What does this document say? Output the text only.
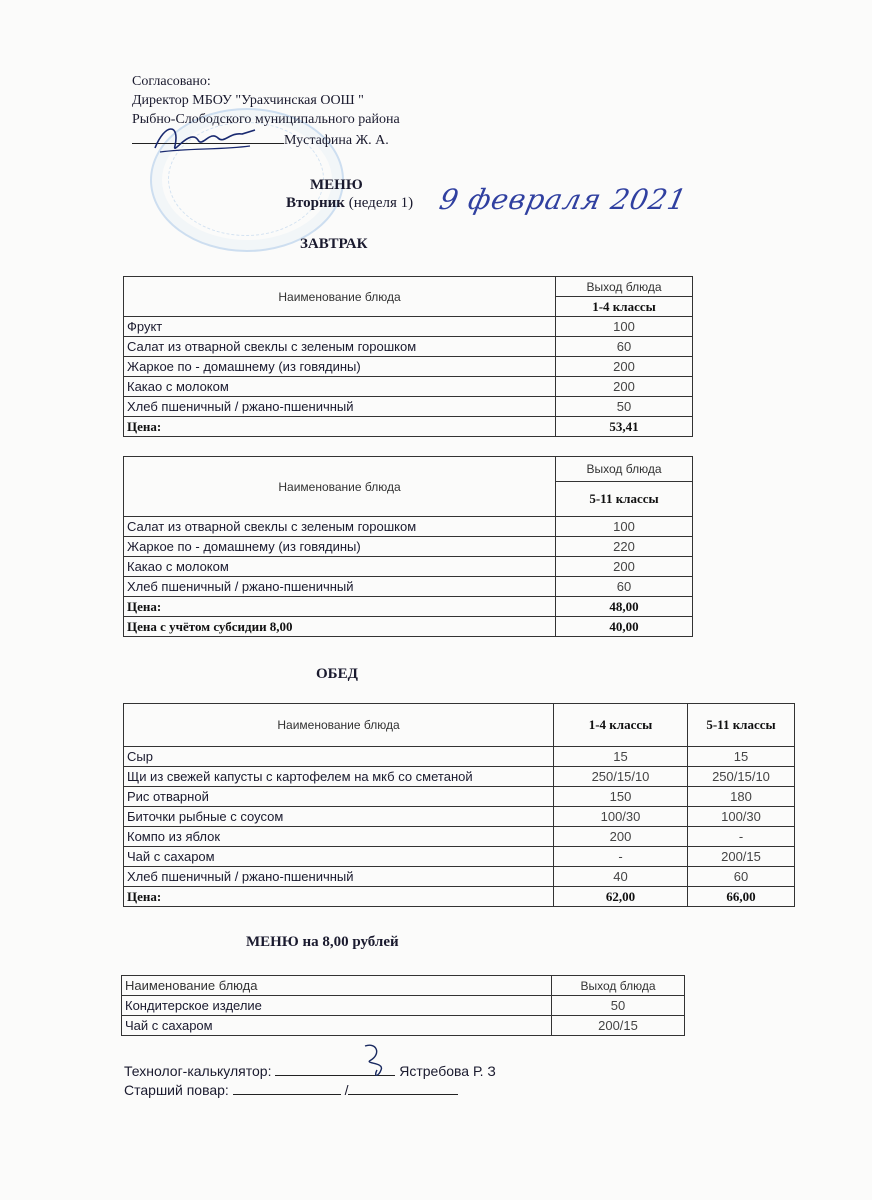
Согласовано:
Директор МБОУ "Урахчинская ООШ "
Рыбно-Слободского муниципального района
Мустафина Ж. А.
МЕНЮ
Вторник (неделя 1) 9 февраля 2021
ЗАВТРАК
Наименование блюда	Выход блюда
	1-4 классы
Фрукт	100
Салат из отварной свеклы с зеленым горошком	60
Жаркое по - домашнему (из говядины)	200
Какао с молоком	200
Хлеб пшеничный / ржано-пшеничный	50
Цена:	53,41
Наименование блюда	Выход блюда
	5-11 классы
Салат из отварной свеклы с зеленым горошком	100
Жаркое по - домашнему (из говядины)	220
Какао с молоком	200
Хлеб пшеничный / ржано-пшеничный	60
Цена:	48,00
Цена с учётом субсидии 8,00	40,00
ОБЕД
Наименование блюда	1-4 классы	5-11 классы
Сыр	15	15
Щи из свежей капусты с картофелем на мкб со сметаной	250/15/10	250/15/10
Рис отварной	150	180
Биточки рыбные с соусом	100/30	100/30
Компо из яблок	200	-
Чай с сахаром	-	200/15
Хлеб пшеничный / ржано-пшеничный	40	60
Цена:	62,00	66,00
МЕНЮ на 8,00 рублей
Наименование блюда	Выход блюда
Кондитерское изделие	50
Чай с сахаром	200/15
Технолог-калькулятор:	Ястребова Р. З
Старший повар:	/
